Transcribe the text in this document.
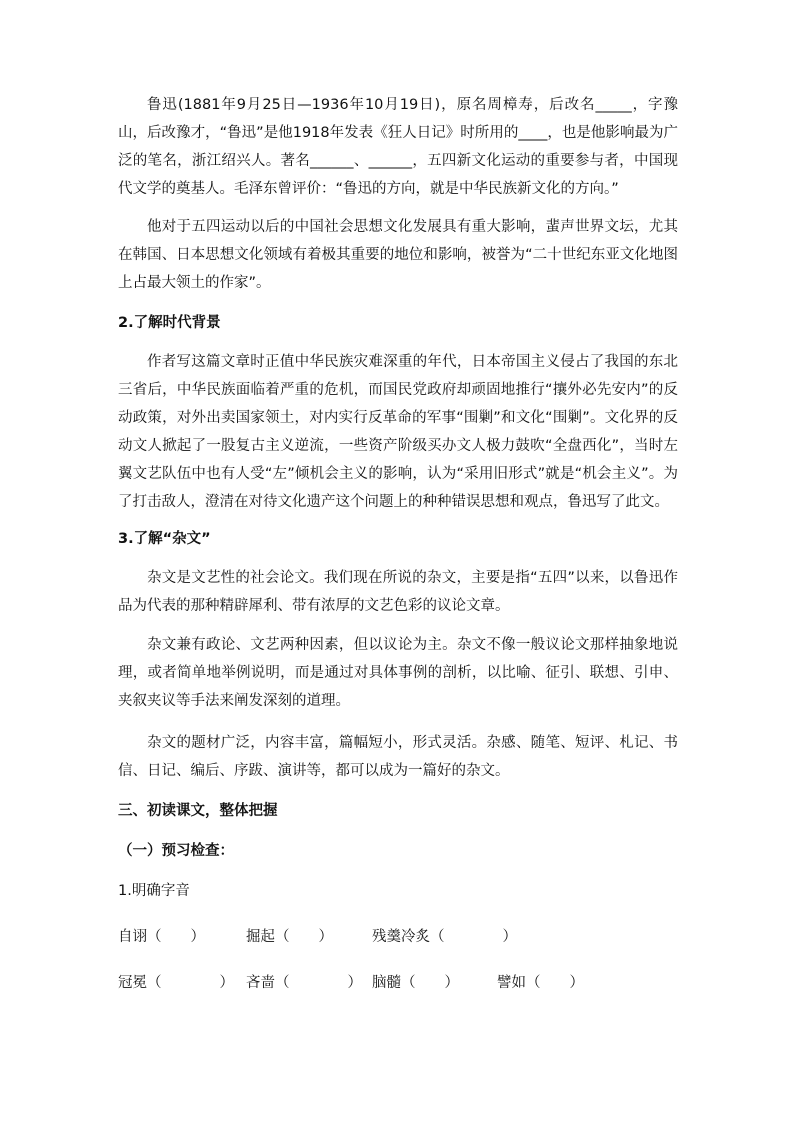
鲁迅(1881年9月25日—1936年10月19日)，原名周樟寿，后改名_____，字豫山，后改豫才，“鲁迅”是他1918年发表《狂人日记》时所用的____，也是他影响最为广泛的笔名，浙江绍兴人。著名______、______，五四新文化运动的重要参与者，中国现代文学的奠基人。毛泽东曾评价：“鲁迅的方向，就是中华民族新文化的方向。”

他对于五四运动以后的中国社会思想文化发展具有重大影响，蜚声世界文坛，尤其在韩国、日本思想文化领域有着极其重要的地位和影响，被誉为“二十世纪东亚文化地图上占最大领土的作家”。

2.了解时代背景

作者写这篇文章时正值中华民族灾难深重的年代，日本帝国主义侵占了我国的东北三省后，中华民族面临着严重的危机，而国民党政府却顽固地推行“攘外必先安内”的反动政策，对外出卖国家领土，对内实行反革命的军事“围剿”和文化“围剿”。文化界的反动文人掀起了一股复古主义逆流，一些资产阶级买办文人极力鼓吹“全盘西化”，当时左翼文艺队伍中也有人受“左”倾机会主义的影响，认为“采用旧形式”就是“机会主义”。为了打击敌人，澄清在对待文化遗产这个问题上的种种错误思想和观点，鲁迅写了此文。

3.了解“杂文”

杂文是文艺性的社会论文。我们现在所说的杂文，主要是指“五四”以来，以鲁迅作品为代表的那种精辟犀利、带有浓厚的文艺色彩的议论文章。

杂文兼有政论、文艺两种因素，但以议论为主。杂文不像一般议论文那样抽象地说理，或者简单地举例说明，而是通过对具体事例的剖析，以比喻、征引、联想、引申、夹叙夹议等手法来阐发深刻的道理。

杂文的题材广泛，内容丰富，篇幅短小，形式灵活。杂感、随笔、短评、札记、书信、日记、编后、序跋、演讲等，都可以成为一篇好的杂文。

三、初读课文，整体把握

（一）预习检查：

1.明确字音

自诩（　　）	掘起（　　）	残羹冷炙（　　　　）
冠冕（　　　　） 吝啬（　　　　） 脑髓（　　）	譬如（　　）
